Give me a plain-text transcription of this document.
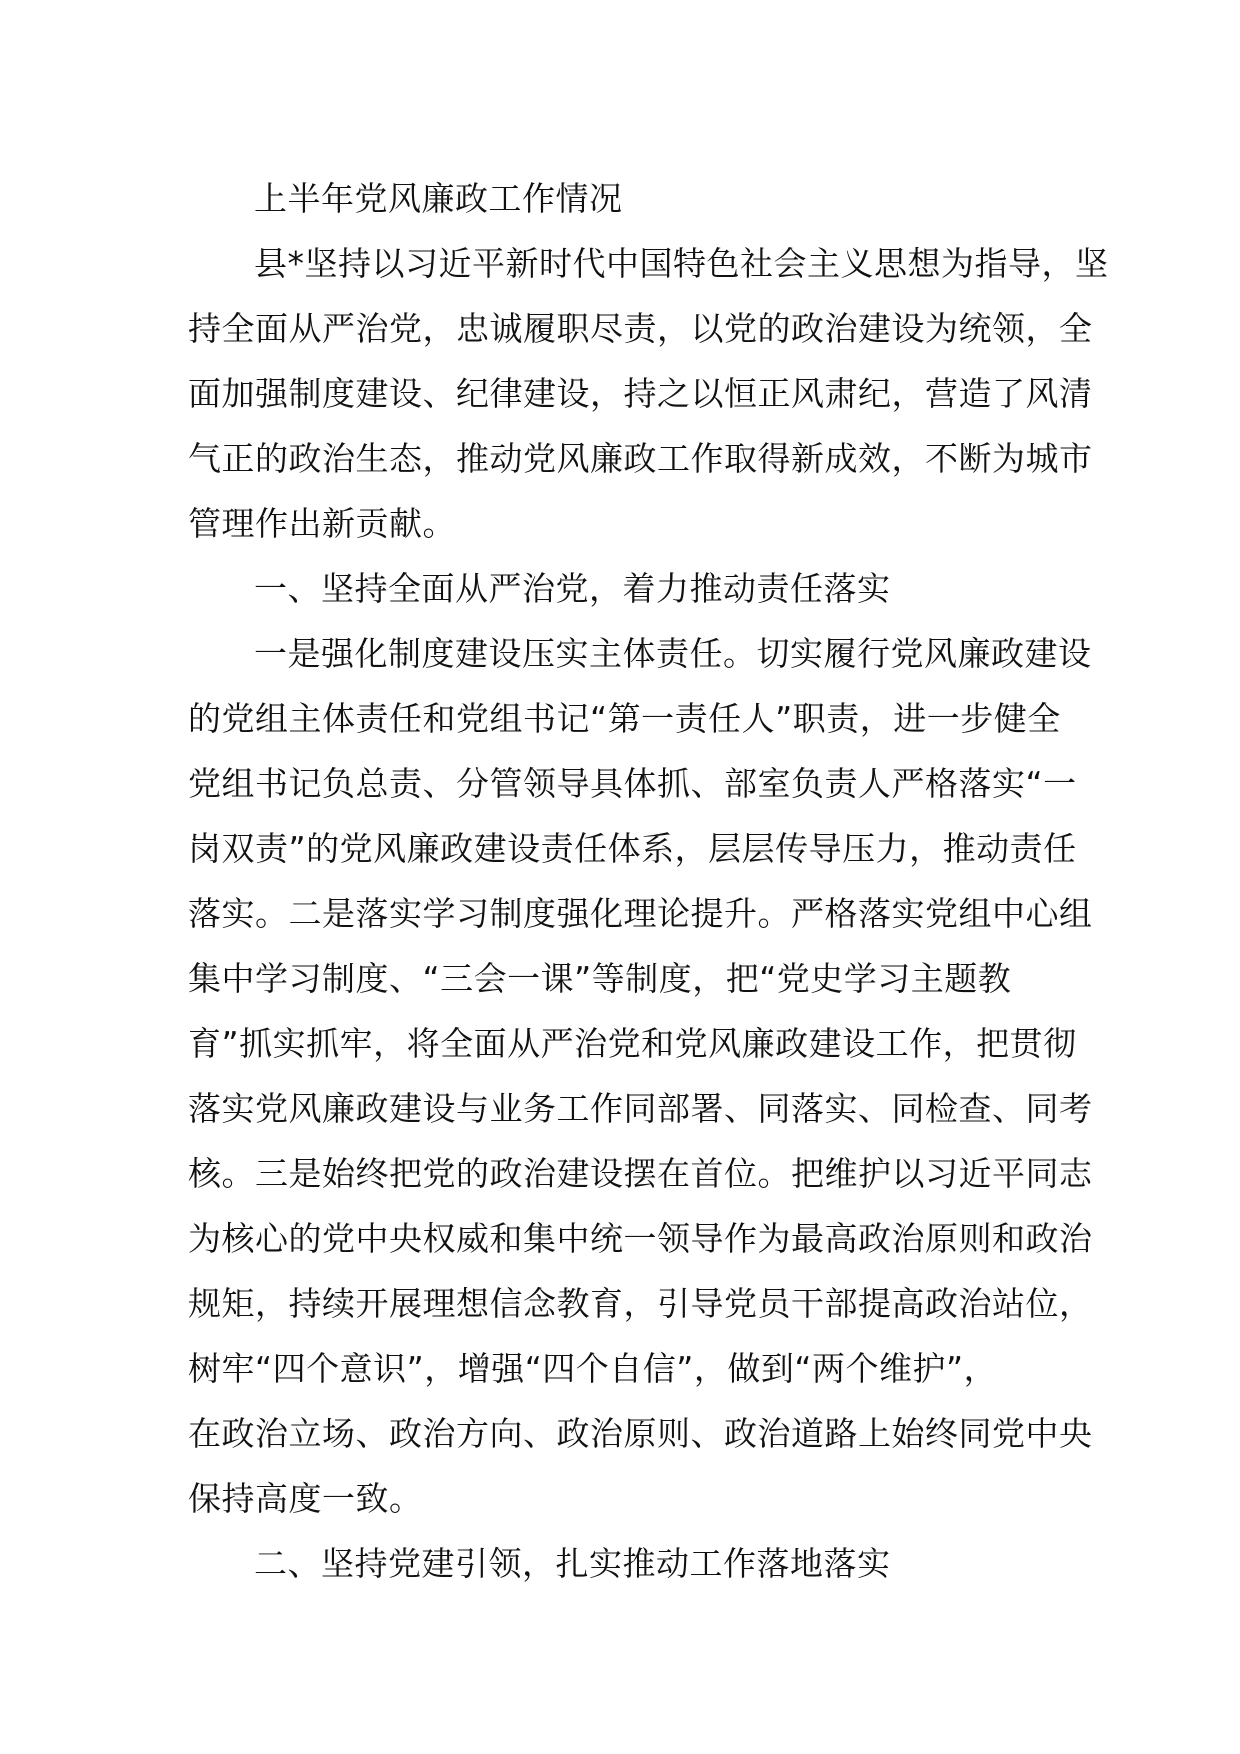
上半年党风廉政工作情况
县*坚持以习近平新时代中国特色社会主义思想为指导，坚
持全面从严治党，忠诚履职尽责，以党的政治建设为统领，全
面加强制度建设、纪律建设，持之以恒正风肃纪，营造了风清
气正的政治生态，推动党风廉政工作取得新成效，不断为城市
管理作出新贡献。
一、坚持全面从严治党，着力推动责任落实
一是强化制度建设压实主体责任。切实履行党风廉政建设
的党组主体责任和党组书记“第一责任人”职责，进一步健全
党组书记负总责、分管领导具体抓、部室负责人严格落实“一
岗双责”的党风廉政建设责任体系，层层传导压力，推动责任
落实。二是落实学习制度强化理论提升。严格落实党组中心组
集中学习制度、“三会一课”等制度，把“党史学习主题教
育”抓实抓牢，将全面从严治党和党风廉政建设工作，把贯彻
落实党风廉政建设与业务工作同部署、同落实、同检查、同考
核。三是始终把党的政治建设摆在首位。把维护以习近平同志
为核心的党中央权威和集中统一领导作为最高政治原则和政治
规矩，持续开展理想信念教育，引导党员干部提高政治站位，
树牢“四个意识”，增强“四个自信”，做到“两个维护”，
在政治立场、政治方向、政治原则、政治道路上始终同党中央
保持高度一致。
二、坚持党建引领，扎实推动工作落地落实
